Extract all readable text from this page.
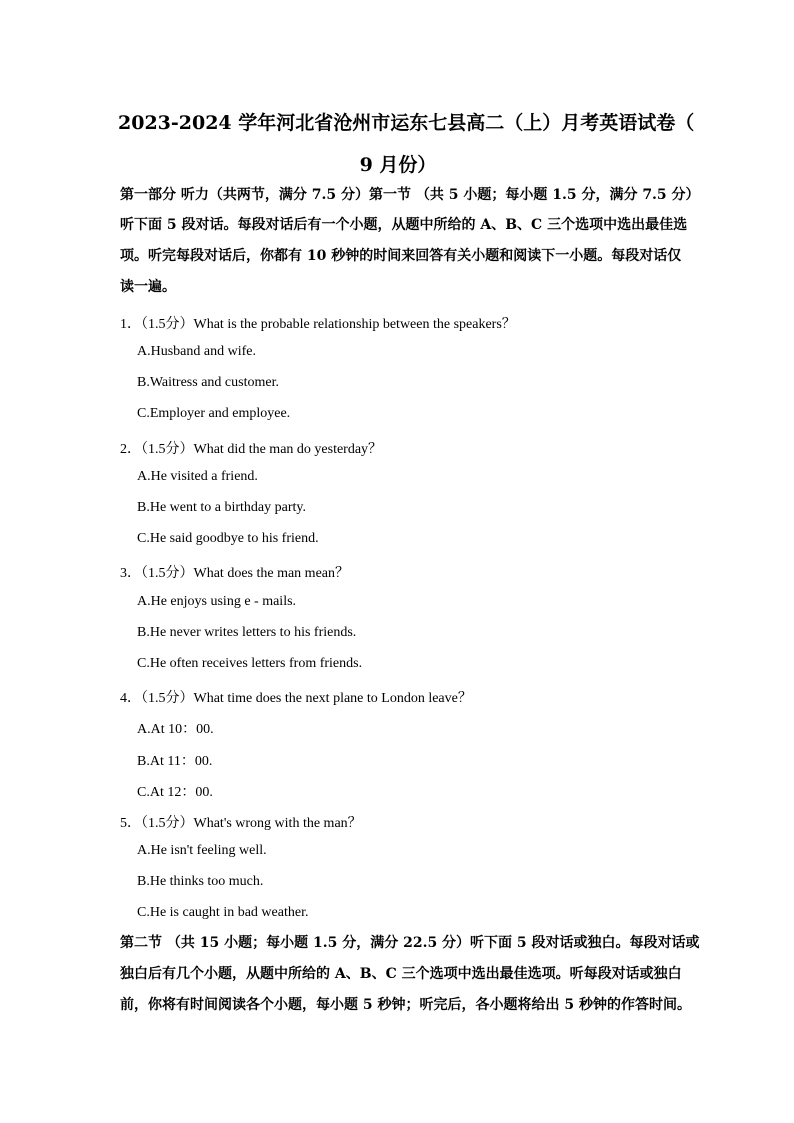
2023-2024 学年河北省沧州市运东七县高二（上）月考英语试卷（
9 月份）
第一部分 听力（共两节，满分 7.5 分）第一节 （共 5 小题；每小题 1.5 分，满分 7.5 分）
听下面 5 段对话。每段对话后有一个小题，从题中所给的 A、B、C 三个选项中选出最佳选
项。听完每段对话后，你都有 10 秒钟的时间来回答有关小题和阅读下一小题。每段对话仅
读一遍。
1．（1.5分）What is the probable relationship between the speakers？
A.Husband and wife.
B.Waitress and customer.
C.Employer and employee.
2．（1.5分）What did the man do yesterday？
A.He visited a friend.
B.He went to a birthday party.
C.He said goodbye to his friend.
3．（1.5分）What does the man mean？
A.He enjoys using e - mails.
B.He never writes letters to his friends.
C.He often receives letters from friends.
4．（1.5分）What time does the next plane to London leave？
A.At 10：00.
B.At 11：00.
C.At 12：00.
5．（1.5分）What's wrong with the man？
A.He isn't feeling well.
B.He thinks too much.
C.He is caught in bad weather.
第二节 （共 15 小题；每小题 1.5 分，满分 22.5 分）听下面 5 段对话或独白。每段对话或
独白后有几个小题，从题中所给的 A、B、C 三个选项中选出最佳选项。听每段对话或独白
前，你将有时间阅读各个小题，每小题 5 秒钟；听完后，各小题将给出 5 秒钟的作答时间。
